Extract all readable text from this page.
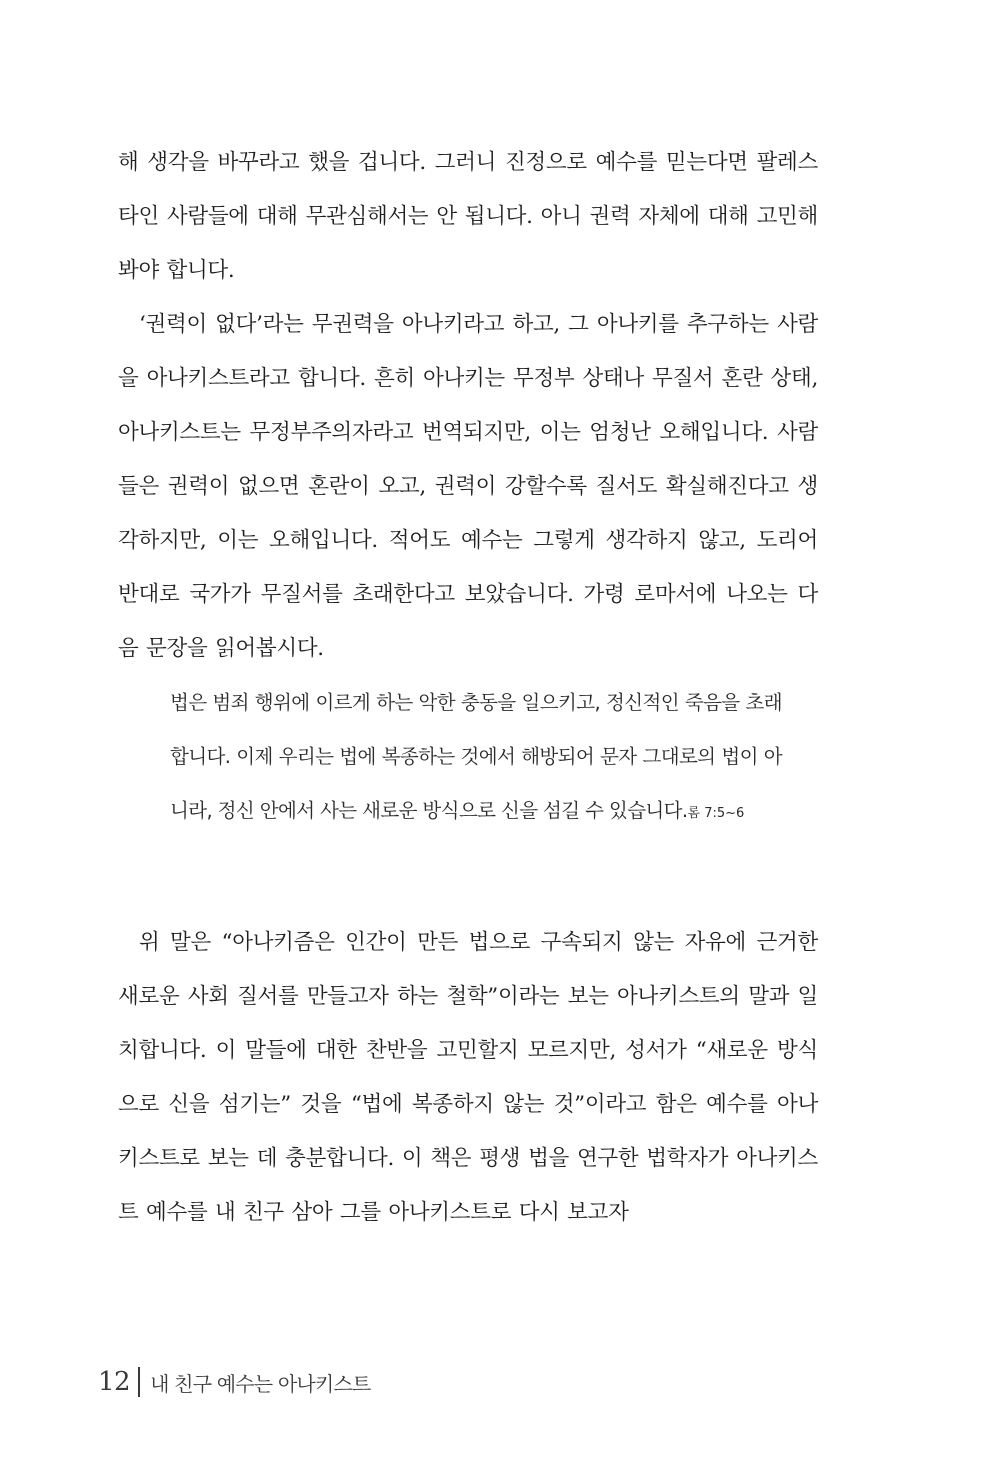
해 생각을 바꾸라고 했을 겁니다. 그러니 진정으로 예수를 믿는다면 팔레스타인 사람들에 대해 무관심해서는 안 됩니다. 아니 권력 자체에 대해 고민해 봐야 합니다.

‘권력이 없다’라는 무권력을 아나키라고 하고, 그 아나키를 추구하는 사람을 아나키스트라고 합니다. 흔히 아나키는 무정부 상태나 무질서 혼란 상태, 아나키스트는 무정부주의자라고 번역되지만, 이는 엄청난 오해입니다. 사람들은 권력이 없으면 혼란이 오고, 권력이 강할수록 질서도 확실해진다고 생각하지만, 이는 오해입니다. 적어도 예수는 그렇게 생각하지 않고, 도리어 반대로 국가가 무질서를 초래한다고 보았습니다. 가령 로마서에 나오는 다음 문장을 읽어봅시다.

법은 범죄 행위에 이르게 하는 악한 충동을 일으키고, 정신적인 죽음을 초래합니다. 이제 우리는 법에 복종하는 것에서 해방되어 문자 그대로의 법이 아니라, 정신 안에서 사는 새로운 방식으로 신을 섬길 수 있습니다.롬 7:5~6

위 말은 “아나키즘은 인간이 만든 법으로 구속되지 않는 자유에 근거한 새로운 사회 질서를 만들고자 하는 철학”이라는 보는 아나키스트의 말과 일치합니다. 이 말들에 대한 찬반을 고민할지 모르지만, 성서가 “새로운 방식으로 신을 섬기는” 것을 “법에 복종하지 않는 것”이라고 함은 예수를 아나키스트로 보는 데 충분합니다. 이 책은 평생 법을 연구한 법학자가 아나키스트 예수를 내 친구 삼아 그를 아나키스트로 다시 보고자

12 내 친구 예수는 아나키스트
